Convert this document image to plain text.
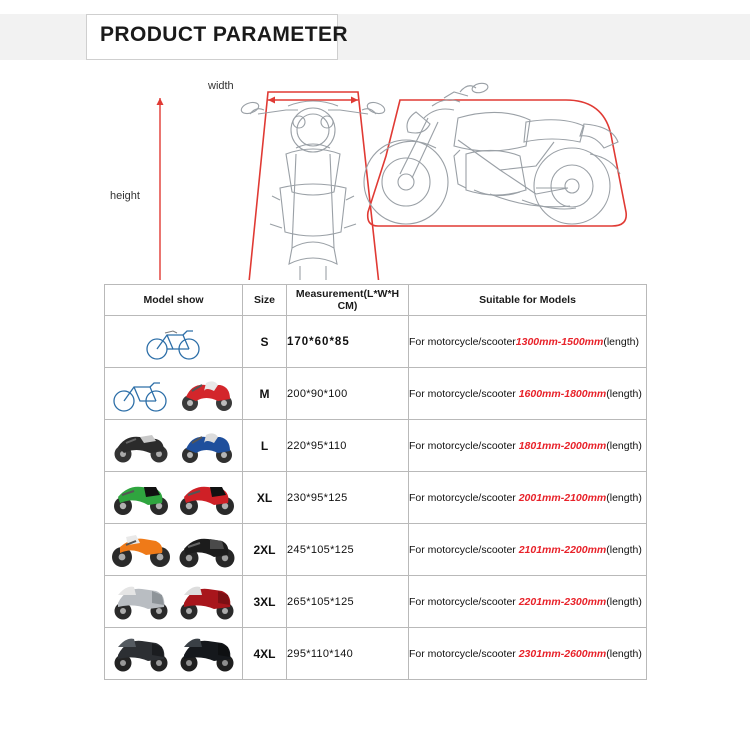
PRODUCT PARAMETER
width
height
Model show	Size	Measurement(L*W*H CM)	Suitable for Models

	S	170*60*85	For motorcycle/scooter1300mm-1500mm(length)

	M	200*90*100	For motorcycle/scooter 1600mm-1800mm(length)

	L	220*95*110	For motorcycle/scooter 1801mm-2000mm(length)

	XL	230*95*125	For motorcycle/scooter 2001mm-2100mm(length)

	2XL	245*105*125	For motorcycle/scooter 2101mm-2200mm(length)

	3XL	265*105*125	For motorcycle/scooter 2201mm-2300mm(length)

	4XL	295*110*140	For motorcycle/scooter 2301mm-2600mm(length)
